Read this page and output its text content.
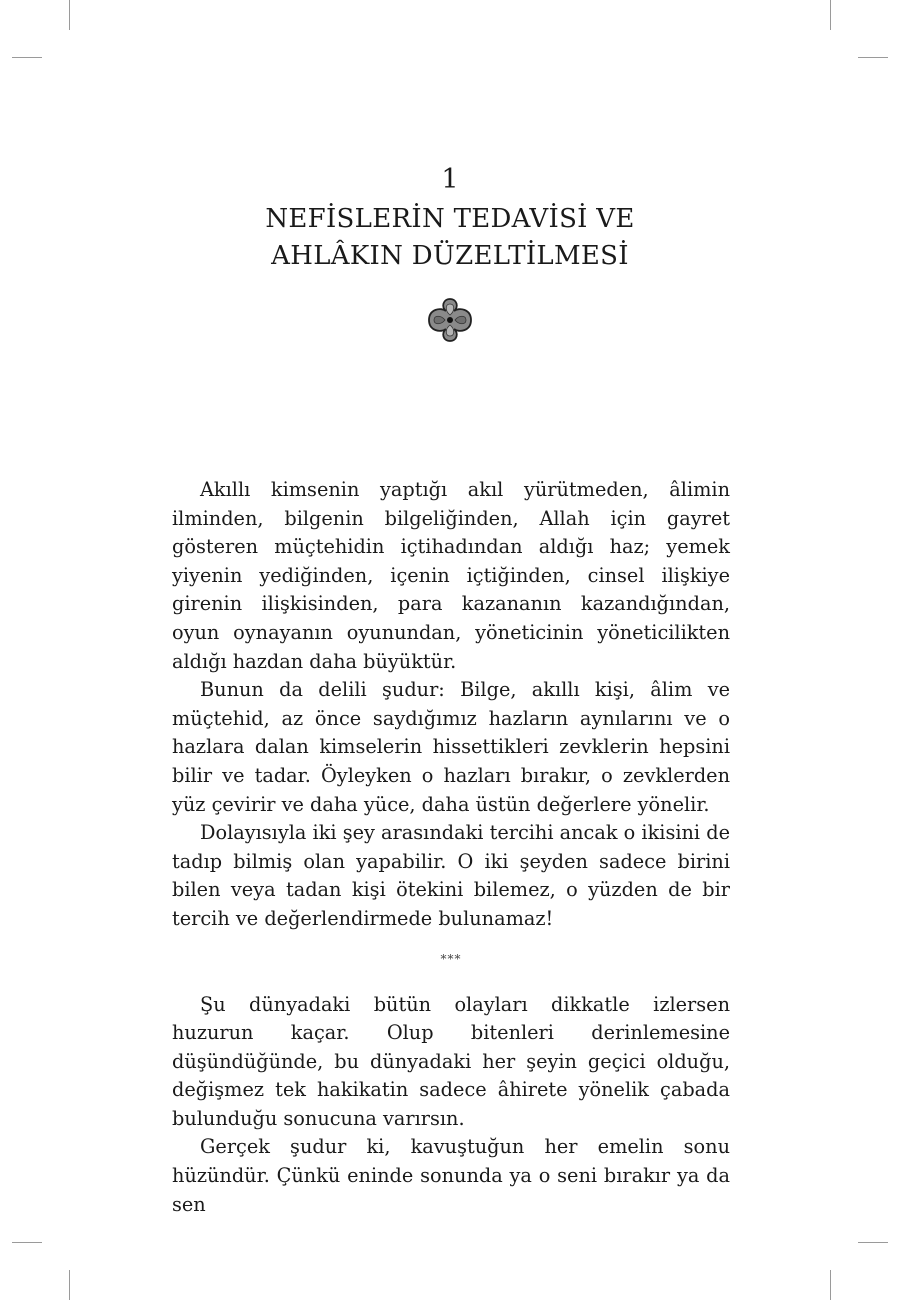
1
NEFİSLERİN TEDAVİSİ VE
AHLÂKIN DÜZELTİLMESİ

Akıllı kimsenin yaptığı akıl yürütmeden, âlimin ilminden, bilgenin bilgeliğinden, Allah için gayret gösteren müçtehidin içtihadından aldığı haz; yemek yiyenin yediğinden, içenin içtiğinden, cinsel ilişkiye girenin ilişkisinden, para kazananın kazandığından, oyun oynayanın oyunundan, yöneticinin yöneticilikten aldığı hazdan daha büyüktür.

Bunun da delili şudur: Bilge, akıllı kişi, âlim ve müçtehid, az önce saydığımız hazların aynılarını ve o hazlara dalan kimselerin hissettikleri zevklerin hepsini bilir ve tadar. Öyleyken o hazları bırakır, o zevklerden yüz çevirir ve daha yüce, daha üstün değerlere yönelir.

Dolayısıyla iki şey arasındaki tercihi ancak o ikisini de tadıp bilmiş olan yapabilir. O iki şeyden sadece birini bilen veya tadan kişi ötekini bilemez, o yüzden de bir tercih ve değerlendirmede bulunamaz!

***

Şu dünyadaki bütün olayları dikkatle izlersen huzurun kaçar. Olup bitenleri derinlemesine düşündüğünde, bu dünyadaki her şeyin geçici olduğu, değişmez tek hakikatin sadece âhirete yönelik çabada bulunduğu sonucuna varırsın.

Gerçek şudur ki, kavuştuğun her emelin sonu hüzündür. Çünkü eninde sonunda ya o seni bırakır ya da sen
